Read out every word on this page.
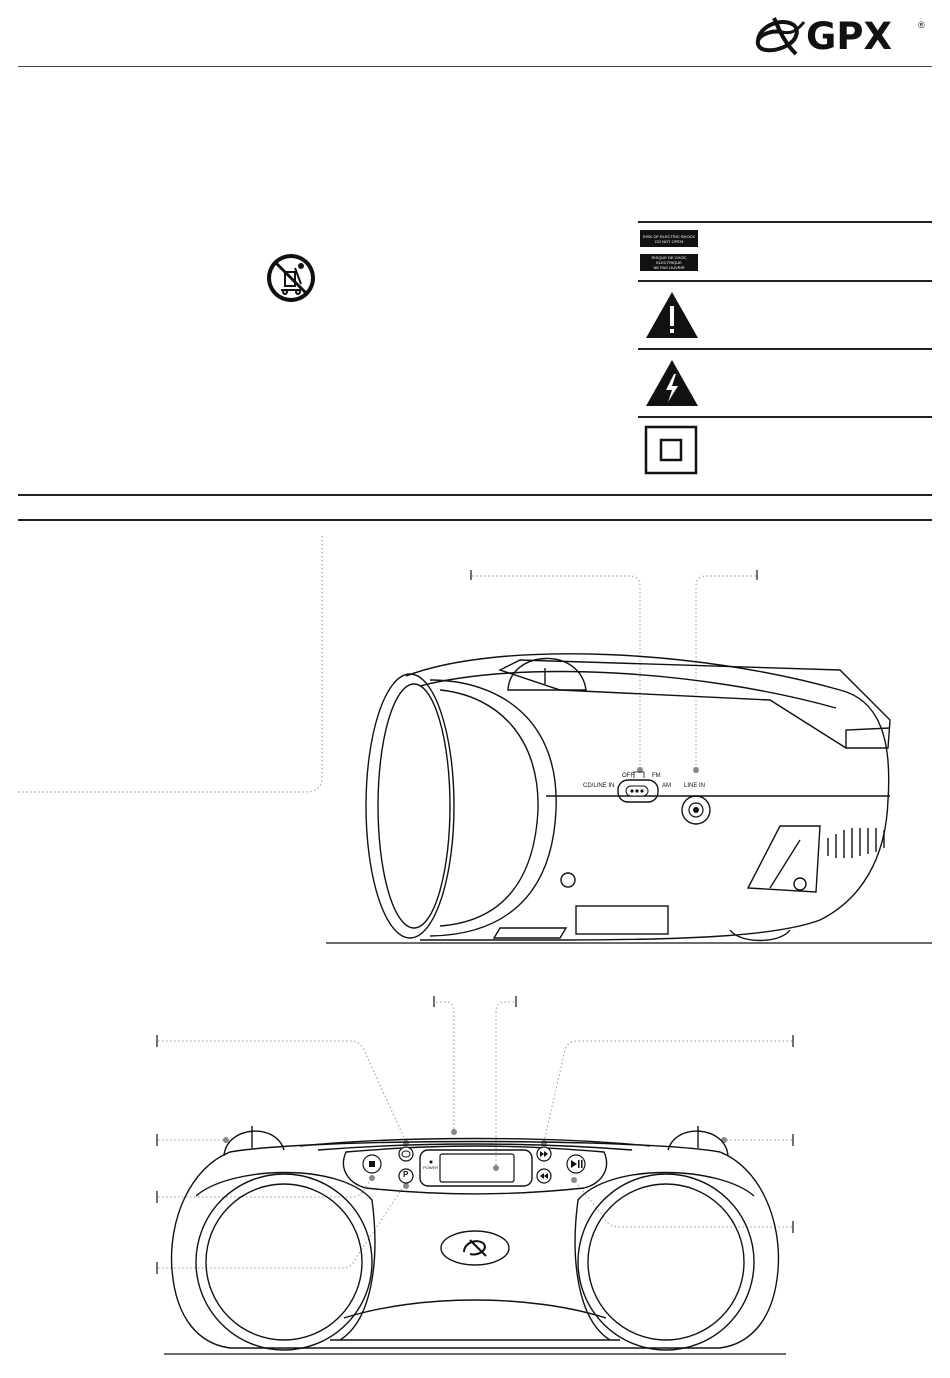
GPX	®
RISK OF ELECTRIC SHOCK
DO NOT OPEN
RISQUE DE CHOC ELECTRIQUE
NE PAS OUVRIR
OFF	FM
CD/LINE IN	AM LINE IN
P
POWER
